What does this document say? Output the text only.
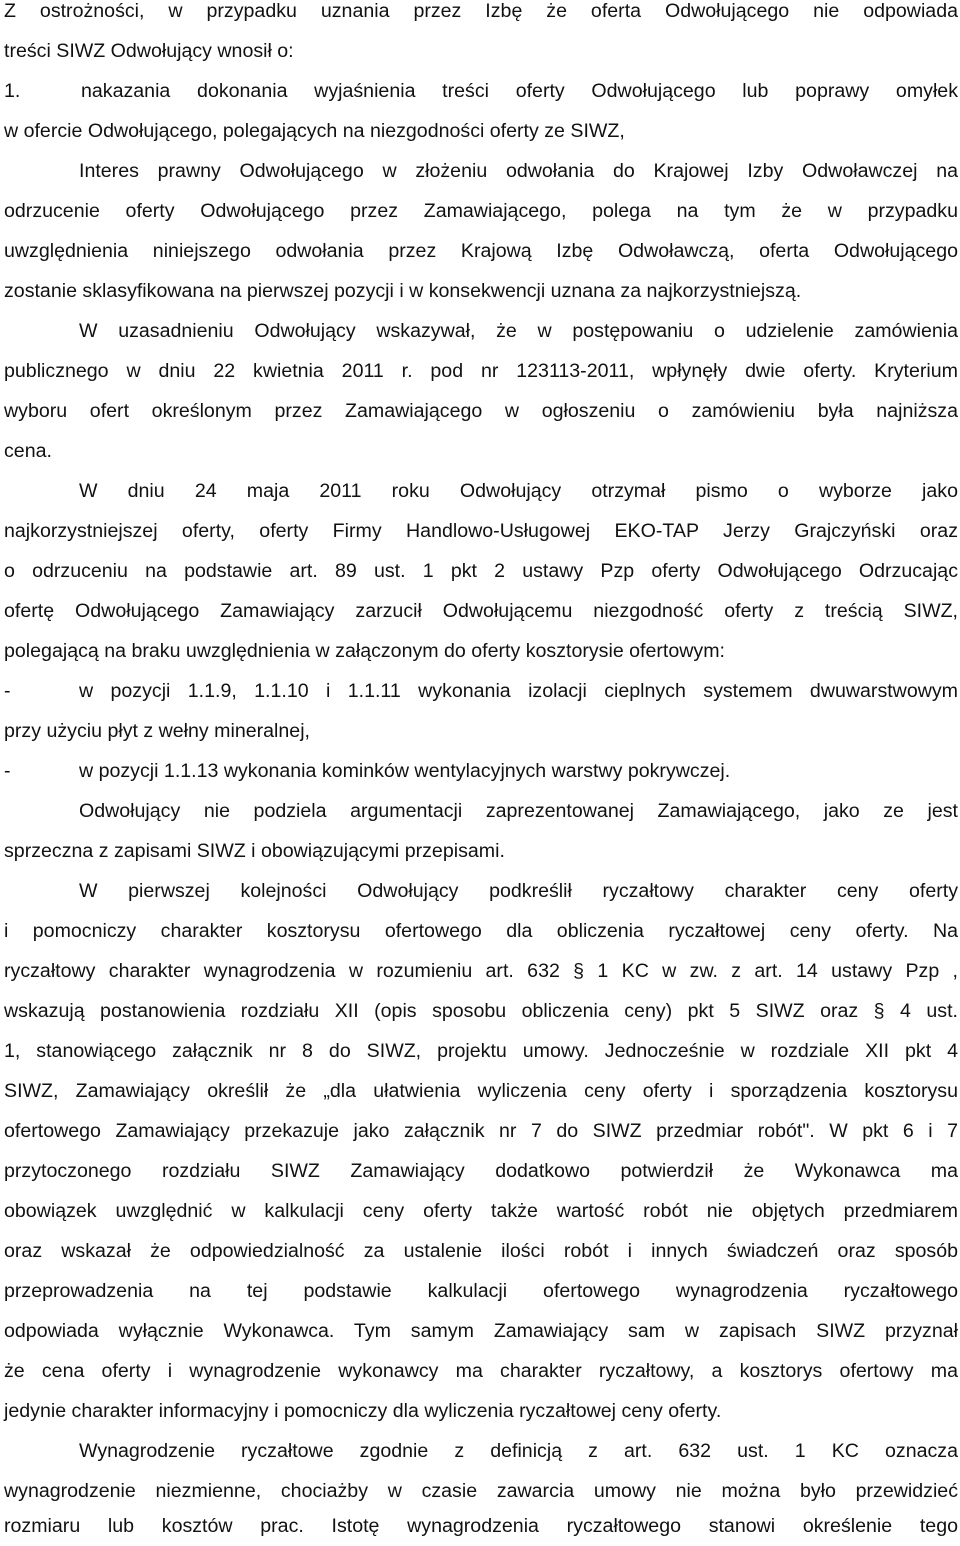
Z ostrożności, w przypadku uznania przez Izbę że oferta Odwołującego nie odpowiada
treści SIWZ Odwołujący wnosił o:
1.	nakazania dokonania wyjaśnienia treści oferty Odwołującego lub poprawy omyłek
w ofercie Odwołującego, polegających na niezgodności oferty ze SIWZ,
Interes prawny Odwołującego w złożeniu odwołania do Krajowej Izby Odwoławczej na
odrzucenie oferty Odwołującego przez Zamawiającego, polega na tym że w przypadku
uwzględnienia niniejszego odwołania przez Krajową Izbę Odwoławczą, oferta Odwołującego
zostanie sklasyfikowana na pierwszej pozycji i w konsekwencji uznana za najkorzystniejszą.
W uzasadnieniu Odwołujący wskazywał, że w postępowaniu o udzielenie zamówienia
publicznego w dniu 22 kwietnia 2011 r. pod nr 123113-2011, wpłynęły dwie oferty. Kryterium
wyboru ofert określonym przez Zamawiającego w ogłoszeniu o zamówieniu była najniższa
cena.
W dniu 24 maja 2011 roku Odwołujący otrzymał pismo o wyborze jako
najkorzystniejszej oferty, oferty Firmy Handlowo-Usługowej EKO-TAP Jerzy Grajczyński oraz
o odrzuceniu na podstawie art. 89 ust. 1 pkt 2 ustawy Pzp oferty Odwołującego Odrzucając
ofertę Odwołującego Zamawiający zarzucił Odwołującemu niezgodność oferty z treścią SIWZ,
polegającą na braku uwzględnienia w załączonym do oferty kosztorysie ofertowym:
-	w pozycji 1.1.9, 1.1.10 i 1.1.11 wykonania izolacji cieplnych systemem dwuwarstwowym
przy użyciu płyt z wełny mineralnej,
-	w pozycji 1.1.13 wykonania kominków wentylacyjnych warstwy pokrywczej.
Odwołujący nie podziela argumentacji zaprezentowanej Zamawiającego, jako ze jest
sprzeczna z zapisami SIWZ i obowiązującymi przepisami.
W pierwszej kolejności Odwołujący podkreślił ryczałtowy charakter ceny oferty
i pomocniczy charakter kosztorysu ofertowego dla obliczenia ryczałtowej ceny oferty. Na
ryczałtowy charakter wynagrodzenia w rozumieniu art. 632 § 1 KC w zw. z art. 14 ustawy Pzp ,
wskazują postanowienia rozdziału XII (opis sposobu obliczenia ceny) pkt 5 SIWZ oraz § 4 ust.
1, stanowiącego załącznik nr 8 do SIWZ, projektu umowy. Jednocześnie w rozdziale XII pkt 4
SIWZ, Zamawiający określił że „dla ułatwienia wyliczenia ceny oferty i sporządzenia kosztorysu
ofertowego Zamawiający przekazuje jako załącznik nr 7 do SIWZ przedmiar robót". W pkt 6 i 7
przytoczonego rozdziału SIWZ Zamawiający dodatkowo potwierdził że Wykonawca ma
obowiązek uwzględnić w kalkulacji ceny oferty także wartość robót nie objętych przedmiarem
oraz wskazał że odpowiedzialność za ustalenie ilości robót i innych świadczeń oraz sposób
przeprowadzenia na tej podstawie kalkulacji ofertowego wynagrodzenia ryczałtowego
odpowiada wyłącznie Wykonawca. Tym samym Zamawiający sam w zapisach SIWZ przyznał
że cena oferty i wynagrodzenie wykonawcy ma charakter ryczałtowy, a kosztorys ofertowy ma
jedynie charakter informacyjny i pomocniczy dla wyliczenia ryczałtowej ceny oferty.
Wynagrodzenie ryczałtowe zgodnie z definicją z art. 632 ust. 1 KC oznacza
wynagrodzenie niezmienne, chociażby w czasie zawarcia umowy nie można było przewidzieć
rozmiaru lub kosztów prac. Istotę wynagrodzenia ryczałtowego stanowi określenie tego
